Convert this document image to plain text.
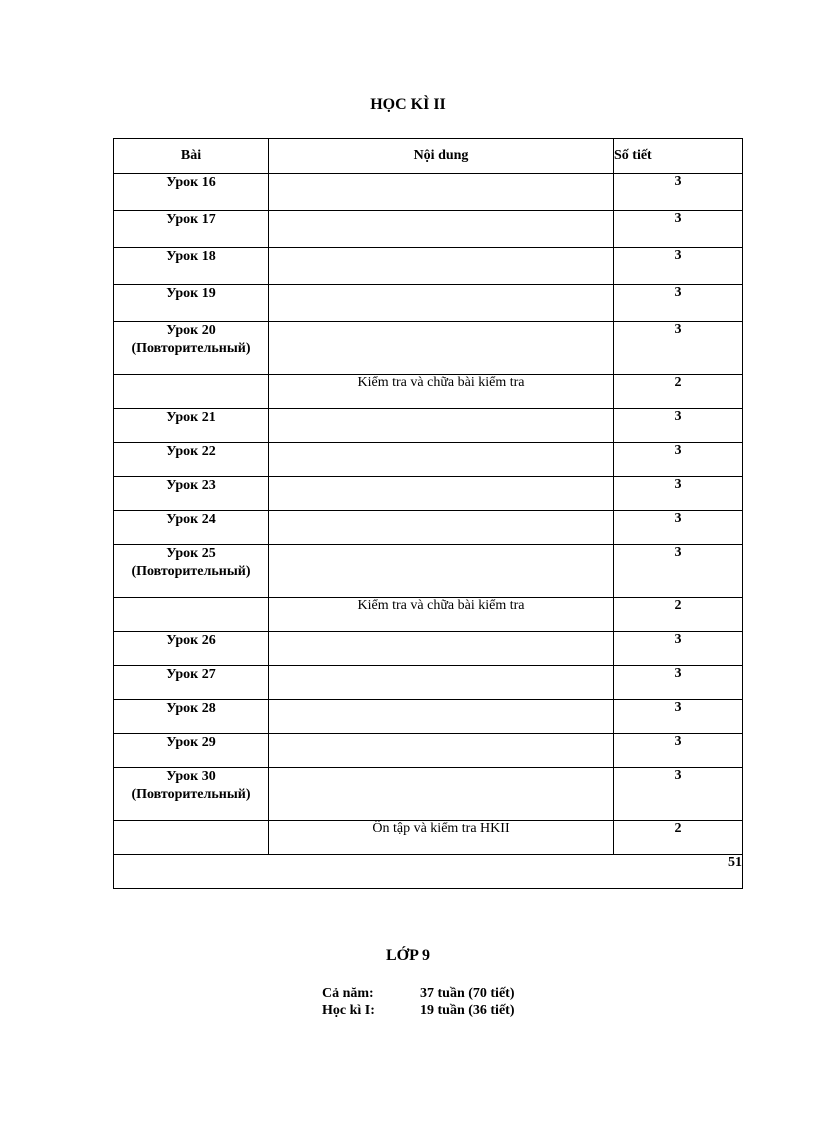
HỌC KÌ II
Bài	Nội dung	Số tiết
Урок 16		3
Урок 17		3
Урок 18		3
Урок 19		3

Урок 20
(Повторительный)		3
	Kiểm tra và chữa bài kiểm tra	2
Урок 21		3
Урок 22		3
Урок 23		3
Урок 24		3

Урок 25
(Повторительный)		3
	Kiểm tra và chữa bài kiểm tra	2
Урок 26		3
Урок 27		3
Урок 28		3
Урок 29		3

Урок 30
(Повторительный)		3
	Ôn tập và kiểm tra HKII	2
51		
LỚP 9
Cả năm:	37 tuần (70 tiết)
Học kì I:	19 tuần (36 tiết)
